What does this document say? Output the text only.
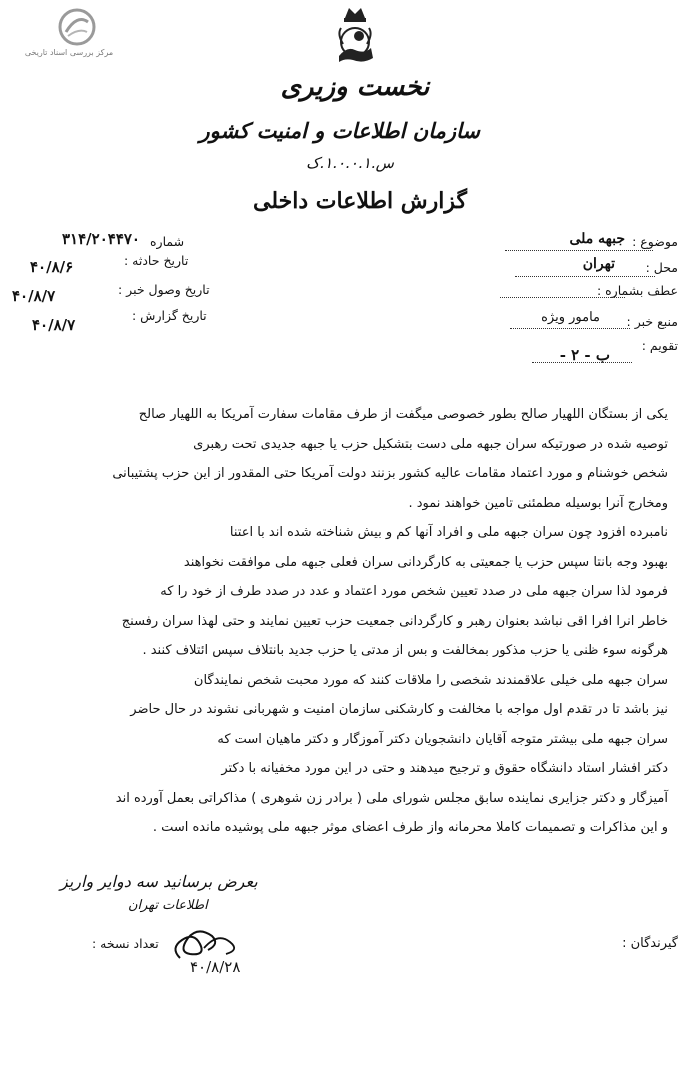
مرکز بررسی اسناد تاریخی
نخست وزیری
سازمان اطلاعات و امنیت کشور
س.۱.۰.۰.۱.ک
گزارش اطلاعات داخلی
موضوع :
جبهه ملی
محل :
تهران
عطف بشماره :
منبع خبر :
مامور ویژه
تقویم :
ب - ۲ -
شماره
۳۱۴/۲۰۴۴۷۰
تاریخ حادثه :
۴۰/۸/۶
تاریخ وصول خبر :
۴۰/۸/۷
تاریخ گزارش :
۴۰/۸/۷

یکی از بستگان اللهیار صالح بطور خصوصی میگفت از طرف مقامات سفارت آمریکا به اللهیار صالح

توصیه شده در صورتیکه سران جبهه ملی دست بتشکیل حزب یا جبهه جدیدی تحت رهبری

شخص خوشنام و مورد اعتماد مقامات عالیه کشور بزنند دولت آمریکا حتی المقدور از این حزب پشتیبانی

ومخارج آنرا بوسیله مطمئنی تامین خواهند نمود .

نامبرده افزود چون سران جبهه ملی و افراد آنها کم و بیش شناخته شده اند با اعتنا

بهبود وجه بانتا سپس حزب یا جمعیتی به کارگردانی سران فعلی جبهه ملی موافقت نخواهند

فرمود لذا سران جبهه ملی در صدد تعیین شخص مورد اعتماد و عدد در صدد طرف از خود را که

خاطر انرا افرا اقی نباشد بعنوان رهبر و کارگردانی جمعیت حزب تعیین نمایند و حتی لهذا سران رفسنج

هرگونه سوء ظنی یا حزب مذکور بمخالفت و بس از مدتی یا حزب جدید بانتلاف سپس ائتلاف کنند .

سران جبهه ملی خیلی علاقمندند شخصی را ملاقات کنند که مورد محبت شخص نمایندگان

نیز باشد تا در تقدم اول مواجه با مخالفت و کارشکنی سازمان امنیت و شهربانی نشوند در حال حاضر

سران جبهه ملی بیشتر متوجه آقایان دانشجویان دکتر آموزگار و دکتر ماهیان است که

دکتر افشار استاد دانشگاه حقوق و ترجیح میدهند و حتی در این مورد مخفیانه با دکتر

آمیزگار و دکتر جزایری نماینده سابق مجلس شورای ملی ( برادر زن شوهری ) مذاکراتی بعمل آورده اند

و این مذاکرات و تصمیمات کاملا محرمانه واز طرف اعضای موثر جبهه ملی پوشیده مانده است .

بعرض برسانید سه دوایر واریز
اطلاعات تهران
۴۰/۸/۲۸
تعداد نسخه :	گیرندگان :
